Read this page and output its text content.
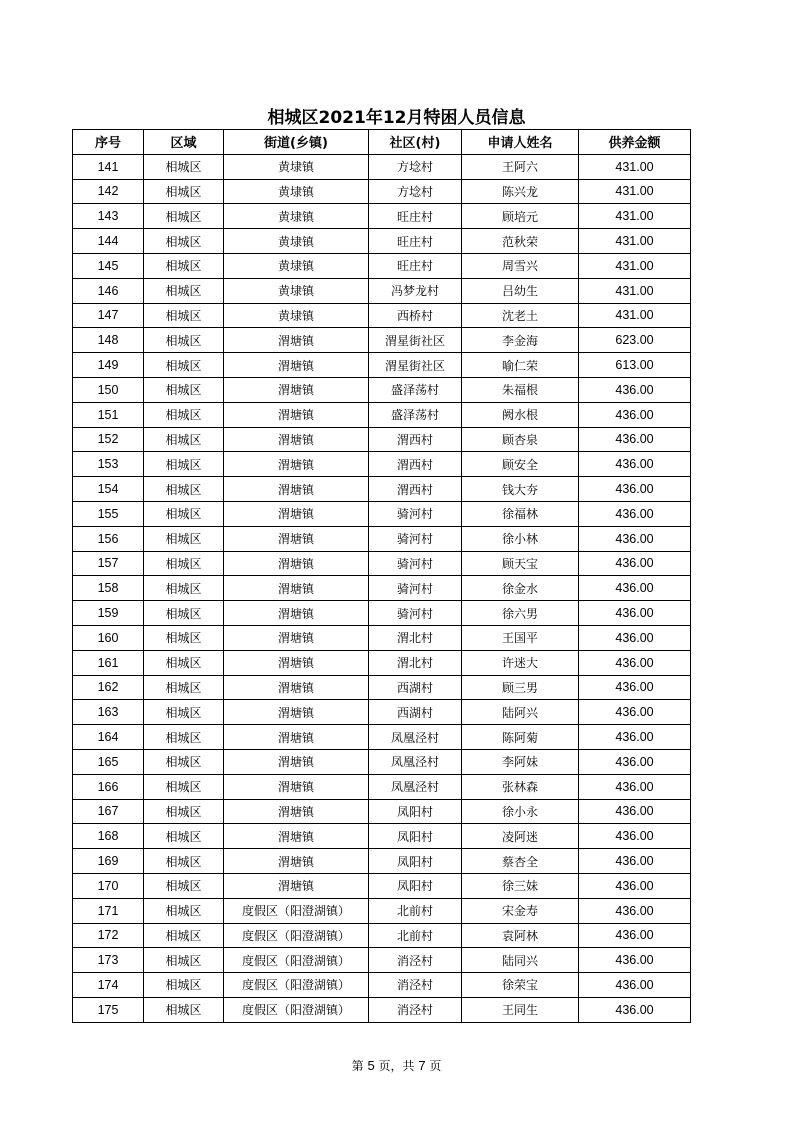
相城区2021年12月特困人员信息
序号	区域	街道(乡镇)	社区(村)	申请人姓名	供养金额
141	相城区	黄埭镇	方埝村	王阿六	431.00
142	相城区	黄埭镇	方埝村	陈兴龙	431.00
143	相城区	黄埭镇	旺庄村	顾培元	431.00
144	相城区	黄埭镇	旺庄村	范秋荣	431.00
145	相城区	黄埭镇	旺庄村	周雪兴	431.00
146	相城区	黄埭镇	冯梦龙村	吕幼生	431.00
147	相城区	黄埭镇	西桥村	沈老土	431.00
148	相城区	渭塘镇	渭星街社区	李金海	623.00
149	相城区	渭塘镇	渭星街社区	喻仁荣	613.00
150	相城区	渭塘镇	盛泽荡村	朱福根	436.00
151	相城区	渭塘镇	盛泽荡村	阙水根	436.00
152	相城区	渭塘镇	渭西村	顾杏泉	436.00
153	相城区	渭塘镇	渭西村	顾安全	436.00
154	相城区	渭塘镇	渭西村	钱大夯	436.00
155	相城区	渭塘镇	骑河村	徐福林	436.00
156	相城区	渭塘镇	骑河村	徐小林	436.00
157	相城区	渭塘镇	骑河村	顾天宝	436.00
158	相城区	渭塘镇	骑河村	徐金水	436.00
159	相城区	渭塘镇	骑河村	徐六男	436.00
160	相城区	渭塘镇	渭北村	王国平	436.00
161	相城区	渭塘镇	渭北村	许迷大	436.00
162	相城区	渭塘镇	西湖村	顾三男	436.00
163	相城区	渭塘镇	西湖村	陆阿兴	436.00
164	相城区	渭塘镇	凤凰泾村	陈阿菊	436.00
165	相城区	渭塘镇	凤凰泾村	李阿妹	436.00
166	相城区	渭塘镇	凤凰泾村	张林森	436.00
167	相城区	渭塘镇	凤阳村	徐小永	436.00
168	相城区	渭塘镇	凤阳村	凌阿迷	436.00
169	相城区	渭塘镇	凤阳村	蔡杏全	436.00
170	相城区	渭塘镇	凤阳村	徐三妹	436.00
171	相城区	度假区（阳澄湖镇）	北前村	宋金寿	436.00
172	相城区	度假区（阳澄湖镇）	北前村	袁阿林	436.00
173	相城区	度假区（阳澄湖镇）	消泾村	陆同兴	436.00
174	相城区	度假区（阳澄湖镇）	消泾村	徐荣宝	436.00
175	相城区	度假区（阳澄湖镇）	消泾村	王同生	436.00
第 5 页，共 7 页
